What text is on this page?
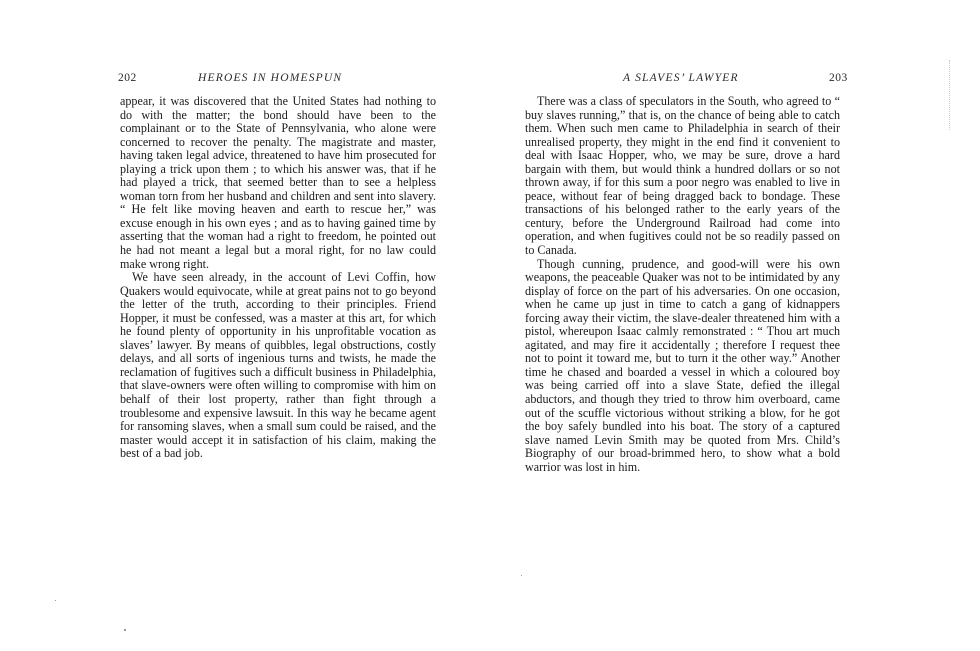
202	HEROES IN HOMESPUN

appear, it was discovered that the United States had nothing to do with the matter; the bond should have been to the complainant or to the State of Pennsylvania, who alone were concerned to recover the penalty. The magistrate and master, having taken legal advice, threatened to have him prosecuted for playing a trick upon them ; to which his answer was, that if he had played a trick, that seemed better than to see a helpless woman torn from her husband and children and sent into slavery. “ He felt like moving heaven and earth to rescue her,” was excuse enough in his own eyes ; and as to having gained time by asserting that the woman had a right to freedom, he pointed out he had not meant a legal but a moral right, for no law could make wrong right.

We have seen already, in the account of Levi Coffin, how Quakers would equivocate, while at great pains not to go beyond the letter of the truth, according to their principles. Friend Hopper, it must be confessed, was a master at this art, for which he found plenty of opportunity in his unprofitable vocation as slaves’ lawyer. By means of quibbles, legal obstructions, costly delays, and all sorts of ingenious turns and twists, he made the reclamation of fugitives such a difficult business in Philadelphia, that slave-owners were often willing to compromise with him on behalf of their lost property, rather than fight through a troublesome and expensive lawsuit. In this way he became agent for ransoming slaves, when a small sum could be raised, and the master would accept it in satisfaction of his claim, making the best of a bad job.

A SLAVES’ LAWYER	203

There was a class of speculators in the South, who agreed to “ buy slaves running,” that is, on the chance of being able to catch them. When such men came to Philadelphia in search of their unrealised property, they might in the end find it convenient to deal with Isaac Hopper, who, we may be sure, drove a hard bargain with them, but would think a hundred dollars or so not thrown away, if for this sum a poor negro was enabled to live in peace, without fear of being dragged back to bondage. These transactions of his belonged rather to the early years of the century, before the Underground Railroad had come into operation, and when fugitives could not be so readily passed on to Canada.

Though cunning, prudence, and good-will were his own weapons, the peaceable Quaker was not to be intimidated by any display of force on the part of his adversaries. On one occasion, when he came up just in time to catch a gang of kidnappers forcing away their victim, the slave-dealer threatened him with a pistol, whereupon Isaac calmly remonstrated : “ Thou art much agitated, and may fire it accidentally ; therefore I request thee not to point it toward me, but to turn it the other way.” Another time he chased and boarded a vessel in which a coloured boy was being carried off into a slave State, defied the illegal abductors, and though they tried to throw him overboard, came out of the scuffle victorious without striking a blow, for he got the boy safely bundled into his boat. The story of a captured slave named Levin Smith may be quoted from Mrs. Child’s Biography of our broad-brimmed hero, to show what a bold warrior was lost in him.
